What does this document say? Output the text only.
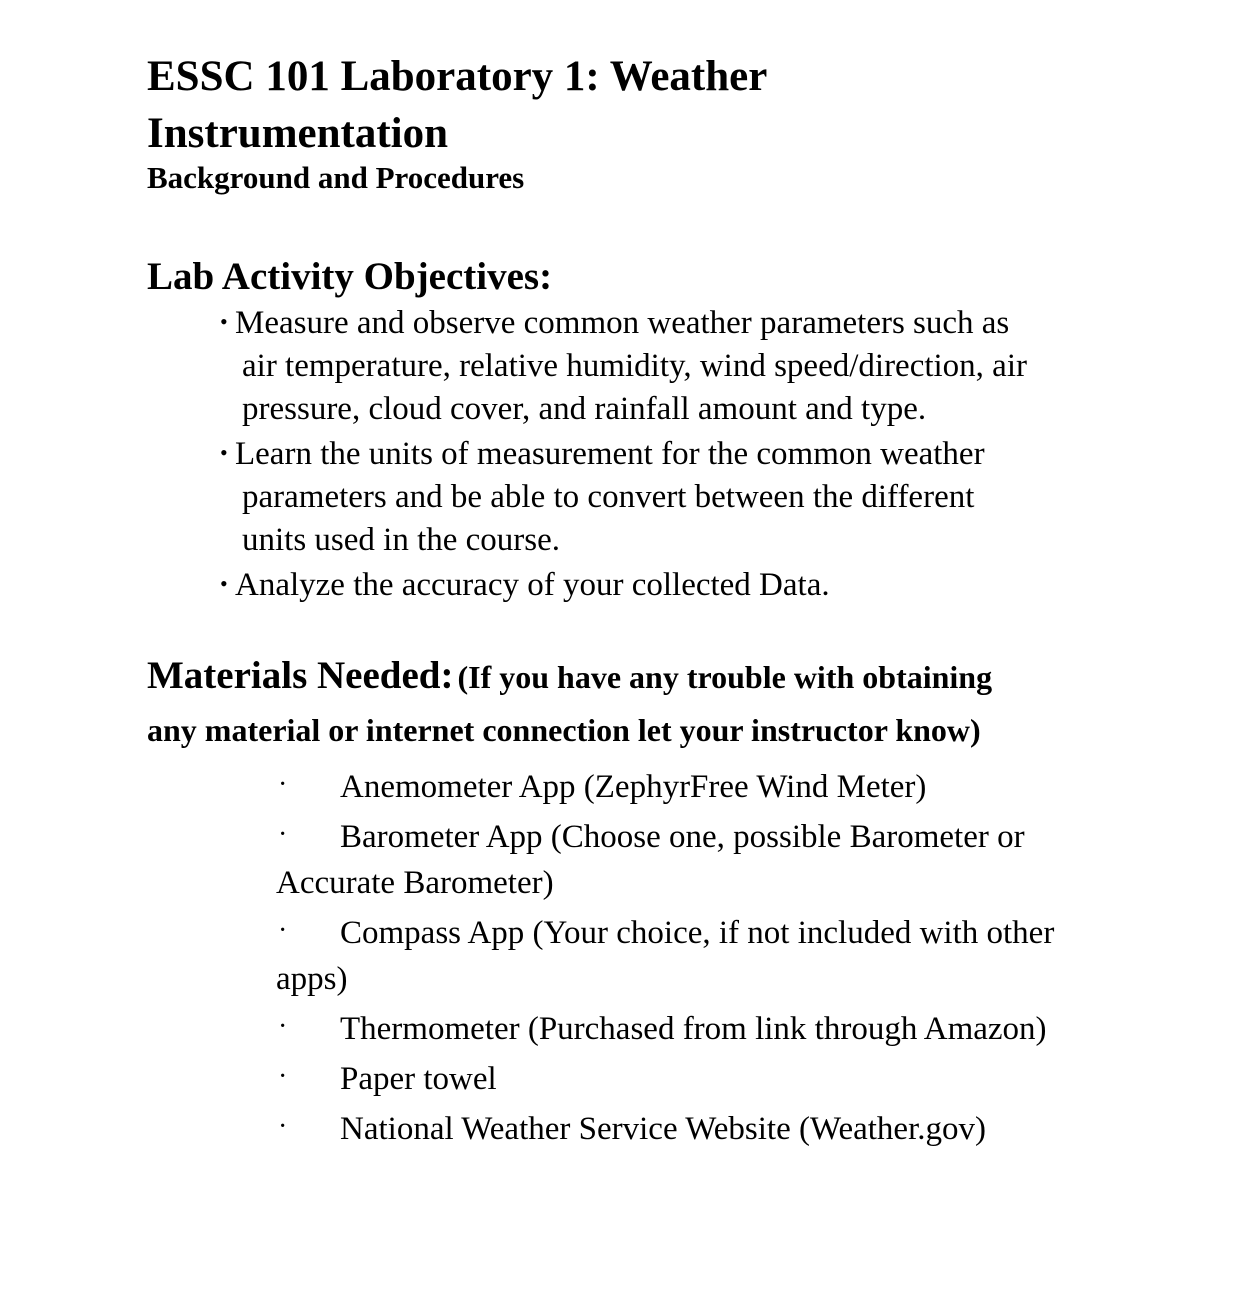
ESSC 101 Laboratory 1: Weather Instrumentation
Background and Procedures
Lab Activity Objectives:
• Measure and observe common weather parameters such as air temperature, relative humidity, wind speed/direction, air pressure, cloud cover, and rainfall amount and type.
• Learn the units of measurement for the common weather parameters and be able to convert between the different units used in the course.
• Analyze the accuracy of your collected Data.
Materials Needed: (If you have any trouble with obtaining any material or internet connection let your instructor know)
· Anemometer App (ZephyrFree Wind Meter)
· Barometer App (Choose one, possible Barometer or Accurate Barometer)
· Compass App (Your choice, if not included with other apps)
· Thermometer (Purchased from link through Amazon)
· Paper towel
· National Weather Service Website (Weather.gov)
